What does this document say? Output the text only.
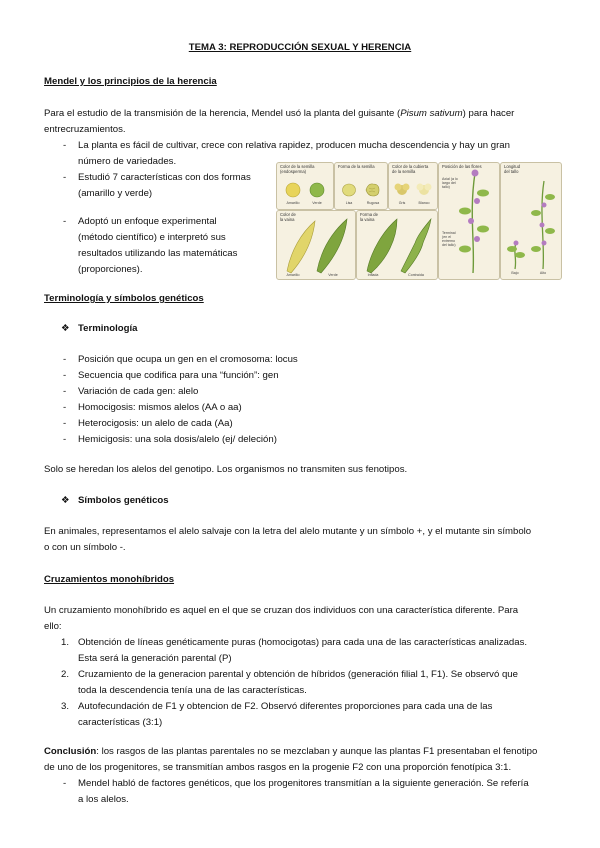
TEMA 3: REPRODUCCIÓN SEXUAL Y HERENCIA
Mendel y los principios de la herencia
Para el estudio de la transmisión de la herencia, Mendel usó la planta del guisante (Pisum sativum) para hacer
entrecruzamientos.
- La planta es fácil de cultivar, crece con relativa rapidez, producen mucha descendencia y hay un gran
número de variedades.
- Estudió 7 características con dos formas
(amarillo y verde)
- Adoptó un enfoque experimental
(método científico) e interpretó sus
resultados utilizando las matemáticas
(proporciones).
Color de la semilla
(endosperma)
Amarillo	Verde
Forma de la semilla
Lisa	Rugosa
Color de la cubierta
de la semilla
Gris	Blanco
Posición de las flores
Axial (a lo
largo del
tallo)
Terminal
(en el
extremo
del tallo)
Longitud
del tallo
Bajo	Alto
Color de
la vaina
Amarillo	Verde
Forma de
la vaina
Inflada	Contraída
Terminología y símbolos genéticos
❖ Terminología
- Posición que ocupa un gen en el cromosoma: locus
- Secuencia que codifica para una “función”: gen
- Variación de cada gen: alelo
- Homocigosis: mismos alelos (AA o aa)
- Heterocigosis: un alelo de cada (Aa)
- Hemicigosis: una sola dosis/alelo (ej/ deleción)
Solo se heredan los alelos del genotipo. Los organismos no transmiten sus fenotipos.
❖ Símbolos genéticos
En animales, representamos el alelo salvaje con la letra del alelo mutante y un símbolo +, y el mutante sin símbolo
o con un símbolo -.
Cruzamientos monohíbridos
Un cruzamiento monohíbrido es aquel en el que se cruzan dos individuos con una característica diferente. Para
ello:
1. Obtención de líneas genéticamente puras (homocigotas) para cada una de las características analizadas.
Esta será la generación parental (P)
2. Cruzamiento de la generacion parental y obtención de híbridos (generación filial 1, F1). Se observó que
toda la descendencia tenía una de las características.
3. Autofecundación de F1 y obtencion de F2. Observó diferentes proporciones para cada una de las
características (3:1)
Conclusión: los rasgos de las plantas parentales no se mezclaban y aunque las plantas F1 presentaban el fenotipo
de uno de los progenitores, se transmitían ambos rasgos en la progenie F2 con una proporción fenotípica 3:1.
- Mendel habló de factores genéticos, que los progenitores transmitían a la siguiente generación. Se refería
a los alelos.
